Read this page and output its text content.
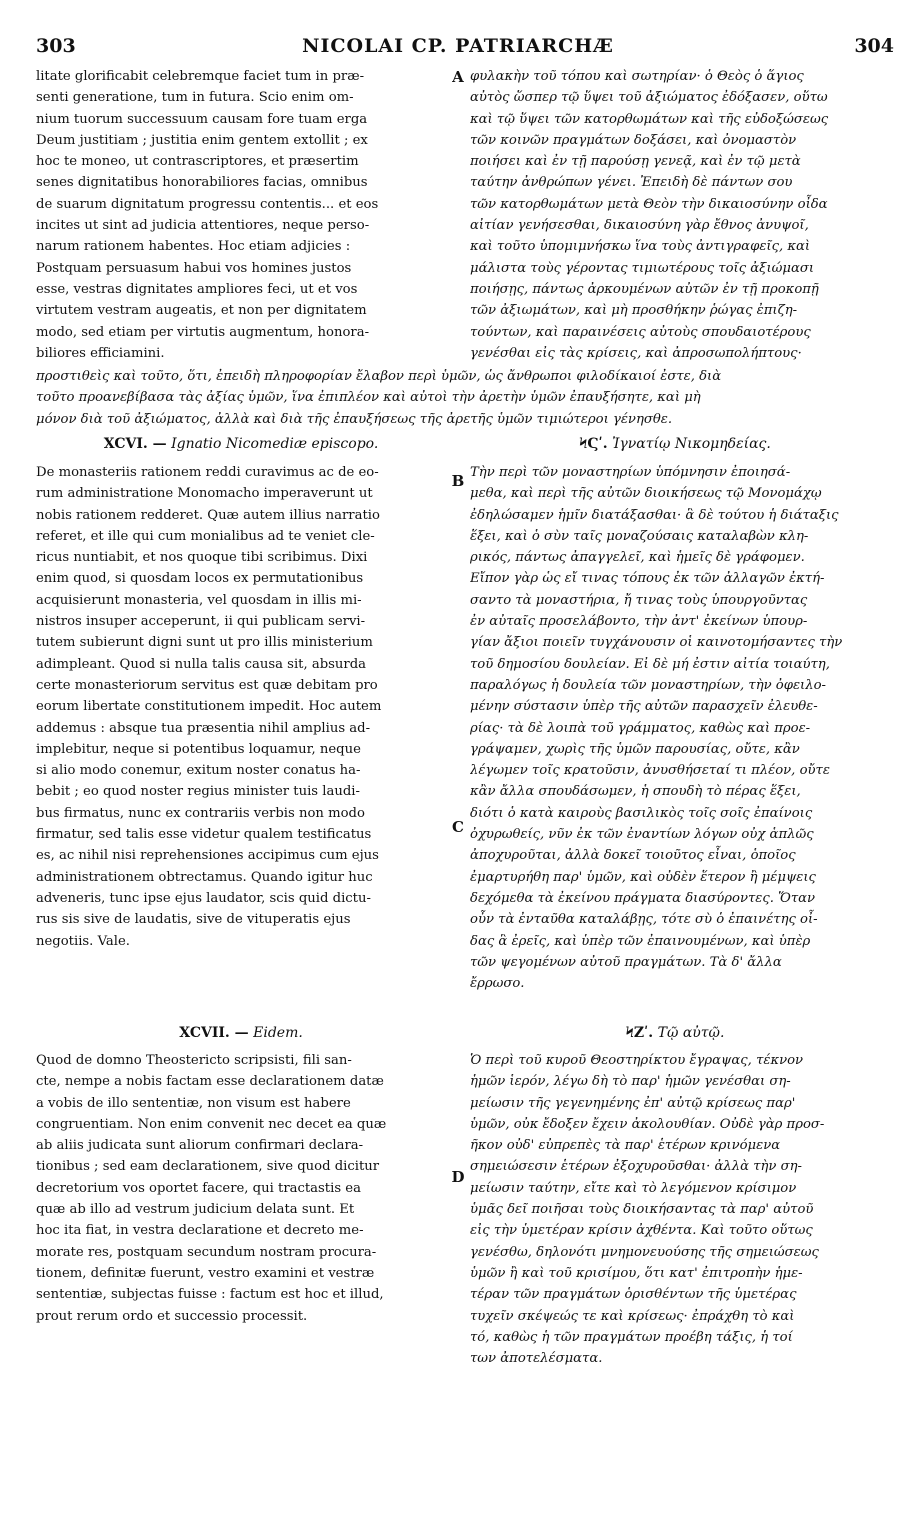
303	NICOLAI CP. PATRIARCHÆ	304
A
B
C
D
litate glorificabit celebremque faciet tum in præ-
senti generatione, tum in futura. Scio enim om-
nium tuorum successuum causam fore tuam erga
Deum justitiam ; justitia enim gentem extollit ; ex
hoc te moneo, ut contrascriptores, et præsertim
senes dignitatibus honorabiliores facias, omnibus
de suarum dignitatum progressu contentis... et eos
incites ut sint ad judicia attentiores, neque perso-
narum rationem habentes. Hoc etiam adjicies :
Postquam persuasum habui vos homines justos
esse, vestras dignitates ampliores feci, ut et vos
virtutem vestram augeatis, et non per dignitatem
modo, sed etiam per virtutis augmentum, honora-
biliores efficiamini.
φυλακὴν τοῦ τόπου καὶ σωτηρίαν· ὁ Θεὸς ὁ ἅγιος
αὐτὸς ὥσπερ τῷ ὕψει τοῦ ἀξιώματος ἐδόξασεν, οὕτω
καὶ τῷ ὕψει τῶν κατορθωμάτων καὶ τῆς εὐδοξώσεως
τῶν κοινῶν πραγμάτων δοξάσει, καὶ ὀνομαστὸν
ποιήσει καὶ ἐν τῇ παρούσῃ γενεᾷ, καὶ ἐν τῷ μετὰ
ταύτην ἀνθρώπων γένει. Ἐπειδὴ δὲ πάντων σου
τῶν κατορθωμάτων μετὰ Θεὸν τὴν δικαιοσύνην οἶδα
αἰτίαν γενήσεσθαι, δικαιοσύνη γὰρ ἔθνος ἀνυψοῖ,
καὶ τοῦτο ὑπομιμνήσκω ἵνα τοὺς ἀντιγραφεῖς, καὶ
μάλιστα τοὺς γέροντας τιμιωτέρους τοῖς ἀξιώμασι
ποιήσῃς, πάντως ἀρκουμένων αὐτῶν ἐν τῇ προκοπῇ
τῶν ἀξιωμάτων, καὶ μὴ προσθήκην ῥώγας ἐπιζη-
τούντων, καὶ παραινέσεις αὐτοὺς σπουδαιοτέρους
γενέσθαι εἰς τὰς κρίσεις, καὶ ἀπροσωπολήπτους·
προστιθεὶς καὶ τοῦτο, ὅτι, ἐπειδὴ πληροφορίαν ἔλαβον περὶ ὑμῶν, ὡς ἄνθρωποι φιλοδίκαιοί ἐστε, διὰ
τοῦτο προανεβίβασα τὰς ἀξίας ὑμῶν, ἵνα ἐπιπλέον καὶ αὐτοὶ τὴν ἀρετὴν ὑμῶν ἐπαυξήσητε, καὶ μὴ
μόνον διὰ τοῦ ἀξιώματος, ἀλλὰ καὶ διὰ τῆς ἐπαυξήσεως τῆς ἀρετῆς ὑμῶν τιμιώτεροι γένησθε.
XCVI. — Ignatio Nicomediæ episcopo.	ϞϚʹ. Ἰγνατίῳ Νικομηδείας.
De monasteriis rationem reddi curavimus ac de eo-
rum administratione Monomacho imperaverunt ut
nobis rationem redderet. Quæ autem illius narratio
referet, et ille qui cum monialibus ad te veniet cle-
ricus nuntiabit, et nos quoque tibi scribimus. Dixi
enim quod, si quosdam locos ex permutationibus
acquisierunt monasteria, vel quosdam in illis mi-
nistros insuper acceperunt, ii qui publicam servi-
tutem subierunt digni sunt ut pro illis ministerium
adimpleant. Quod si nulla talis causa sit, absurda
certe monasteriorum servitus est quæ debitam pro
eorum libertate constitutionem impedit. Hoc autem
addemus : absque tua præsentia nihil amplius ad-
implebitur, neque si potentibus loquamur, neque
si alio modo conemur, exitum noster conatus ha-
bebit ; eo quod noster regius minister tuis laudi-
bus firmatus, nunc ex contrariis verbis non modo
firmatur, sed talis esse videtur qualem testificatus
es, ac nihil nisi reprehensiones accipimus cum ejus
administrationem obtrectamus. Quando igitur huc
adveneris, tunc ipse ejus laudator, scis quid dictu-
rus sis sive de laudatis, sive de vituperatis ejus
negotiis. Vale.
Τὴν περὶ τῶν μοναστηρίων ὑπόμνησιν ἐποιησά-
μεθα, καὶ περὶ τῆς αὐτῶν διοικήσεως τῷ Μονομάχῳ
ἐδηλώσαμεν ἡμῖν διατάξασθαι· ἃ δὲ τούτου ἡ διάταξις
ἕξει, καὶ ὁ σὺν ταῖς μοναζούσαις καταλαβὼν κλη-
ρικός, πάντως ἀπαγγελεῖ, καὶ ἡμεῖς δὲ γράφομεν.
Εἴπον γὰρ ὡς εἴ τινας τόπους ἐκ τῶν ἀλλαγῶν ἐκτή-
σαντο τὰ μοναστήρια, ἤ τινας τοὺς ὑπουργοῦντας
ἐν αὐταῖς προσελάβοντο, τὴν ἀντ' ἐκείνων ὑπουρ-
γίαν ἄξιοι ποιεῖν τυγχάνουσιν οἱ καινοτομήσαντες τὴν
τοῦ δημοσίου δουλείαν. Εἰ δὲ μή ἐστιν αἰτία τοιαύτη,
παραλόγως ἡ δουλεία τῶν μοναστηρίων, τὴν ὀφειλο-
μένην σύστασιν ὑπὲρ τῆς αὐτῶν παρασχεῖν ἐλευθε-
ρίας· τὰ δὲ λοιπὰ τοῦ γράμματος, καθὼς καὶ προε-
γράψαμεν, χωρὶς τῆς ὑμῶν παρουσίας, οὔτε, κἂν
λέγωμεν τοῖς κρατοῦσιν, ἀνυσθήσεταί τι πλέον, οὔτε
κἂν ἄλλα σπουδάσωμεν, ἡ σπουδὴ τὸ πέρας ἕξει,
διότι ὁ κατὰ καιροὺς βασιλικὸς τοῖς σοῖς ἐπαίνοις
ὀχυρωθείς, νῦν ἐκ τῶν ἐναντίων λόγων οὐχ ἁπλῶς
ἀποχυροῦται, ἀλλὰ δοκεῖ τοιοῦτος εἶναι, ὁποῖος
ἐμαρτυρήθη παρ' ὑμῶν, καὶ οὐδὲν ἕτερον ἢ μέμψεις
δεχόμεθα τὰ ἐκείνου πράγματα διασύροντες. Ὅταν
οὖν τὰ ἐνταῦθα καταλάβῃς, τότε σὺ ὁ ἐπαινέτης οἶ-
δας ἃ ἐρεῖς, καὶ ὑπὲρ τῶν ἐπαινουμένων, καὶ ὑπὲρ
τῶν ψεγομένων αὐτοῦ πραγμάτων. Τὰ δ' ἄλλα
ἔρρωσο.
XCVII. — Eidem.	ϞΖʹ. Τῷ αὐτῷ.
Quod de domno Theosterictο scripsisti, fili san-
cte, nempe a nobis factam esse declarationem datæ
a vobis de illo sententiæ, non visum est habere
congruentiam. Non enim convenit nec decet ea quæ
ab aliis judicata sunt aliorum confirmari declara-
tionibus ; sed eam declarationem, sive quod dicitur
decretorium vos oportet facere, qui tractastis ea
quæ ab illo ad vestrum judicium delata sunt. Et
hoc ita fiat, in vestra declaratione et decreto me-
morate res, postquam secundum nostram procura-
tionem, definitæ fuerunt, vestro examini et vestræ
sententiæ, subjectas fuisse : factum est hoc et illud,
prout rerum ordo et successio processit.
Ὁ περὶ τοῦ κυροῦ Θεοστηρίκτου ἔγραψας, τέκνον
ἡμῶν ἱερόν, λέγω δὴ τὸ παρ' ἡμῶν γενέσθαι ση-
μείωσιν τῆς γεγενημένης ἐπ' αὐτῷ κρίσεως παρ'
ὑμῶν, οὐκ ἔδοξεν ἔχειν ἀκολουθίαν. Οὐδὲ γὰρ προσ-
ῆκον οὐδ' εὐπρεπὲς τὰ παρ' ἑτέρων κρινόμενα
σημειώσεσιν ἑτέρων ἐξοχυροῦσθαι· ἀλλὰ τὴν ση-
μείωσιν ταύτην, εἴτε καὶ τὸ λεγόμενον κρίσιμον
ὑμᾶς δεῖ ποιῆσαι τοὺς διοικήσαντας τὰ παρ' αὐτοῦ
εἰς τὴν ὑμετέραν κρίσιν ἀχθέντα. Καὶ τοῦτο οὕτως
γενέσθω, δηλονότι μνημονευούσης τῆς σημειώσεως
ὑμῶν ἢ καὶ τοῦ κρισίμου, ὅτι κατ' ἐπιτροπὴν ἡμε-
τέραν τῶν πραγμάτων ὁρισθέντων τῆς ὑμετέρας
τυχεῖν σκέψεώς τε καὶ κρίσεως· ἐπράχθη τὸ καὶ
τό, καθὼς ἡ τῶν πραγμάτων προέβη τάξις, ἡ τοί
των ἀποτελέσματα.
